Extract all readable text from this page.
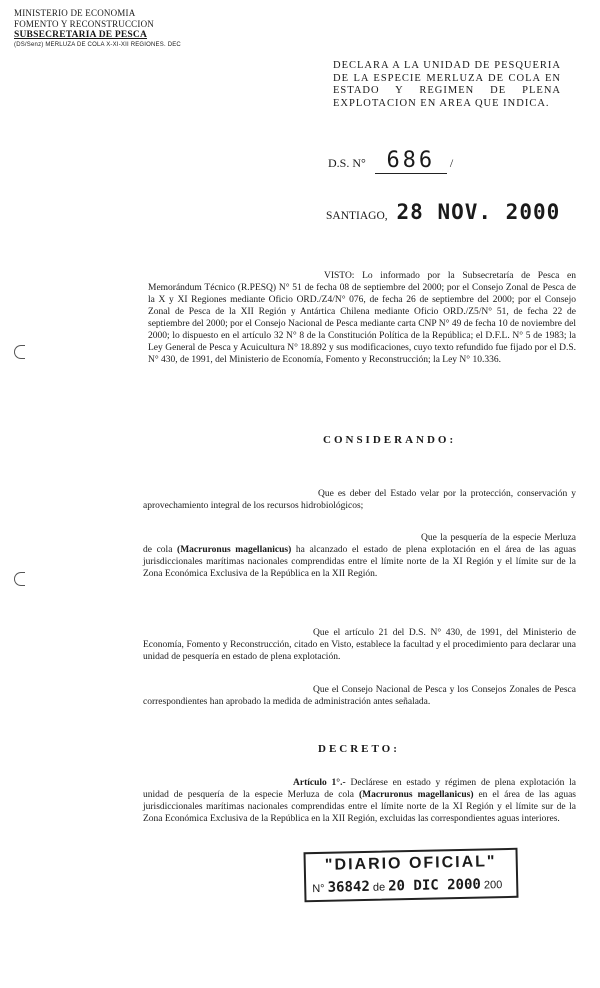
MINISTERIO DE ECONOMIA
FOMENTO Y RECONSTRUCCION
SUBSECRETARIA DE PESCA
(DS/Senz) MERLUZA DE COLA X-XI-XII REGIONES. DEC
DECLARA A LA UNIDAD DE PESQUERIA DE LA ESPECIE MERLUZA DE COLA EN ESTADO Y REGIMEN DE PLENA EXPLOTACION EN AREA QUE INDICA.
D.S. N° 686 /
SANTIAGO, 28 NOV. 2000
VISTO: Lo informado por la Subsecretaría de Pesca en Memorándum Técnico (R.PESQ) N° 51 de fecha 08 de septiembre del 2000; por el Consejo Zonal de Pesca de la X y XI Regiones mediante Oficio ORD./Z4/N° 076, de fecha 26 de septiembre del 2000; por el Consejo Zonal de Pesca de la XII Región y Antártica Chilena mediante Oficio ORD./Z5/N° 51, de fecha 22 de septiembre del 2000; por el Consejo Nacional de Pesca mediante carta CNP N° 49 de fecha 10 de noviembre del 2000; lo dispuesto en el artículo 32 N° 8 de la Constitución Política de la República; el D.F.L. N° 5 de 1983; la Ley General de Pesca y Acuicultura N° 18.892 y sus modificaciones, cuyo texto refundido fue fijado por el D.S. N° 430, de 1991, del Ministerio de Economía, Fomento y Reconstrucción; la Ley N° 10.336.
CONSIDERANDO:
Que es deber del Estado velar por la protección, conservación y aprovechamiento integral de los recursos hidrobiológicos;
Que la pesquería de la especie Merluza de cola (Macruronus magellanicus) ha alcanzado el estado de plena explotación en el área de las aguas jurisdiccionales marítimas nacionales comprendidas entre el límite norte de la XI Región y el límite sur de la Zona Económica Exclusiva de la República en la XII Región.
Que el artículo 21 del D.S. N° 430, de 1991, del Ministerio de Economía, Fomento y Reconstrucción, citado en Visto, establece la facultad y el procedimiento para declarar una unidad de pesquería en estado de plena explotación.
Que el Consejo Nacional de Pesca y los Consejos Zonales de Pesca correspondientes han aprobado la medida de administración antes señalada.
DECRETO:
Artículo 1°.- Declárese en estado y régimen de plena explotación la unidad de pesquería de la especie Merluza de cola (Macruronus magellanicus) en el área de las aguas jurisdiccionales marítimas nacionales comprendidas entre el límite norte de la XI Región y el límite sur de la Zona Económica Exclusiva de la República en la XII Región, excluidas las correspondientes aguas interiores.
"DIARIO OFICIAL"
N° 36842 de 20 DIC 2000 200
